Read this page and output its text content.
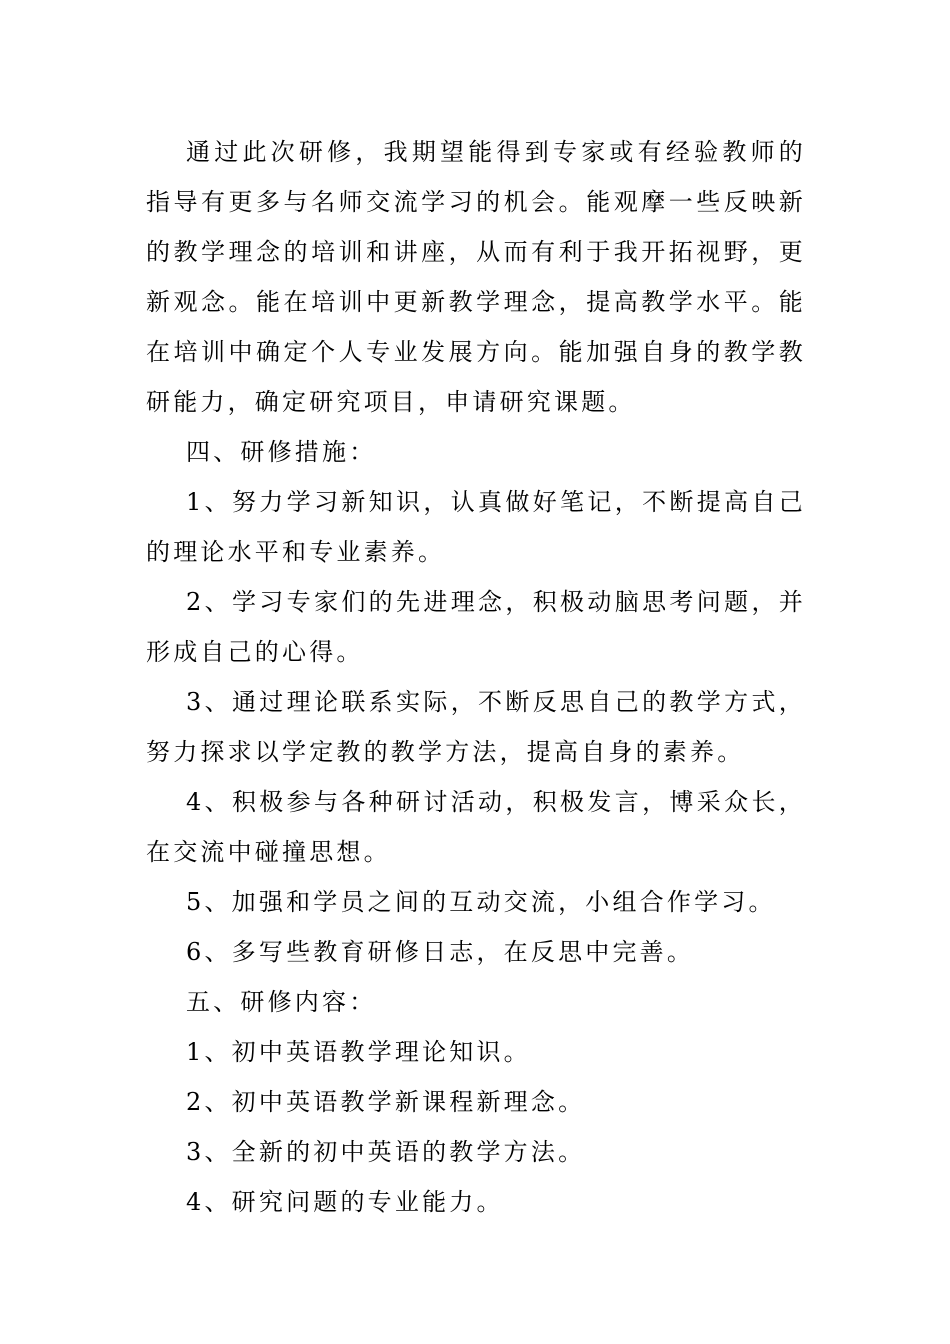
通过此次研修，我期望能得到专家或有经验教师的指导有更多与名师交流学习的机会。能观摩一些反映新的教学理念的培训和讲座，从而有利于我开拓视野，更新观念。能在培训中更新教学理念，提高教学水平。能在培训中确定个人专业发展方向。能加强自身的教学教研能力，确定研究项目，申请研究课题。

四、研修措施：

1、努力学习新知识，认真做好笔记，不断提高自己的理论水平和专业素养。

2、学习专家们的先进理念，积极动脑思考问题，并形成自己的心得。

3、通过理论联系实际，不断反思自己的教学方式，努力探求以学定教的教学方法，提高自身的素养。

4、积极参与各种研讨活动，积极发言，博采众长，在交流中碰撞思想。

5、加强和学员之间的互动交流，小组合作学习。

6、多写些教育研修日志，在反思中完善。

五、研修内容：

1、初中英语教学理论知识。

2、初中英语教学新课程新理念。

3、全新的初中英语的教学方法。

4、研究问题的专业能力。
